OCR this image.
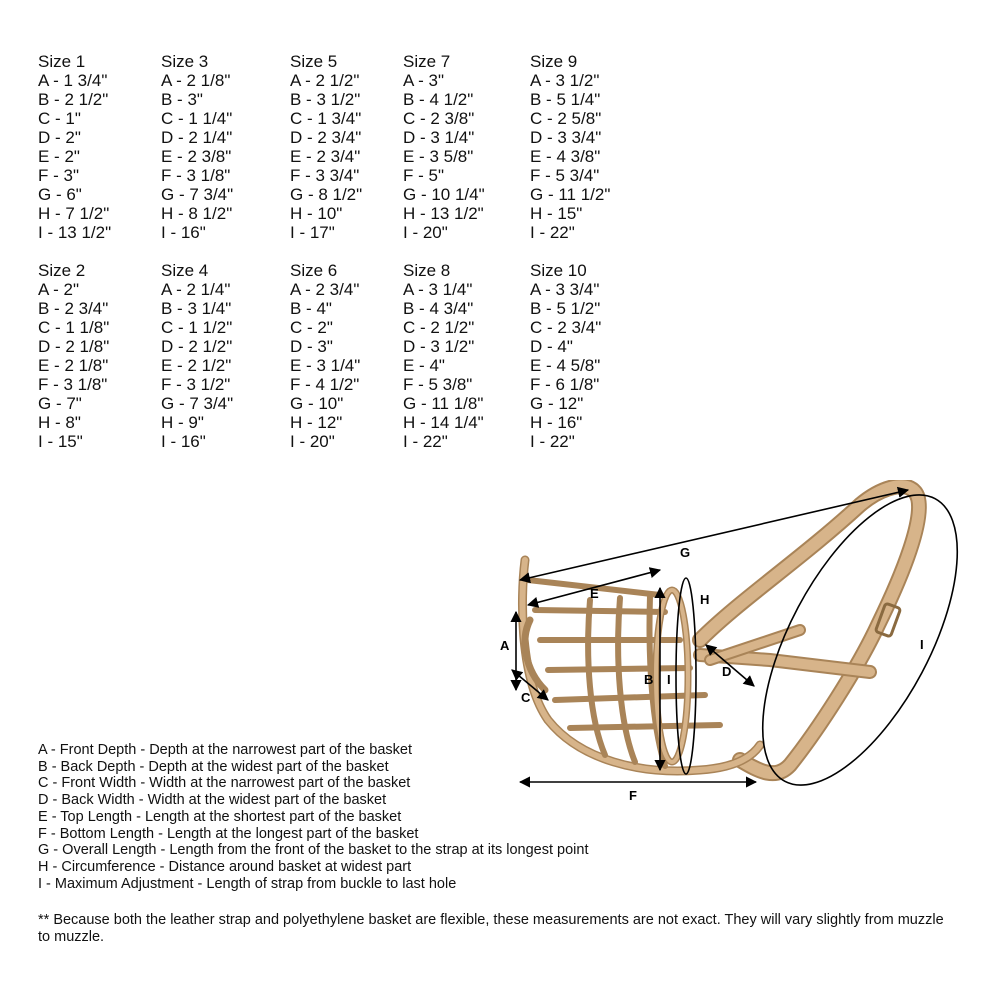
Size 1
A - 1 3/4"
B - 2 1/2"
C - 1"
D - 2"
E - 2"
F - 3"
G - 6"
H - 7 1/2"
I - 13 1/2"
Size 3
A - 2 1/8"
B - 3"
C - 1 1/4"
D - 2 1/4"
E - 2 3/8"
F - 3 1/8"
G - 7 3/4"
H - 8 1/2"
I - 16"
Size 5
A - 2 1/2"
B - 3 1/2"
C - 1 3/4"
D - 2 3/4"
E - 2 3/4"
F - 3 3/4"
G - 8 1/2"
H - 10"
I - 17"
Size 7
A - 3"
B - 4 1/2"
C - 2 3/8"
D - 3 1/4"
E - 3 5/8"
F - 5"
G - 10 1/4"
H - 13 1/2"
I - 20"
Size 9
A - 3 1/2"
B - 5 1/4"
C - 2 5/8"
D - 3 3/4"
E - 4 3/8"
F - 5 3/4"
G - 11 1/2"
H - 15"
I - 22"
Size 2
A - 2"
B - 2 3/4"
C - 1 1/8"
D - 2 1/8"
E - 2 1/8"
F - 3 1/8"
G - 7"
H - 8"
I - 15"
Size 4
A - 2 1/4"
B - 3 1/4"
C - 1 1/2"
D - 2 1/2"
E - 2 1/2"
F - 3 1/2"
G - 7 3/4"
H - 9"
I - 16"
Size 6
A - 2 3/4"
B - 4"
C - 2"
D - 3"
E - 3 1/4"
F - 4 1/2"
G - 10"
H - 12"
I - 20"
Size 8
A - 3 1/4"
B - 4 3/4"
C - 2 1/2"
D - 3 1/2"
E - 4"
F - 5 3/8"
G - 11 1/8"
H - 14 1/4"
I - 22"
Size 10
A - 3 3/4"
B - 5 1/2"
C - 2 3/4"
D - 4"
E - 4 5/8"
F - 6 1/8"
G - 12"
H - 16"
I - 22"
G
E	H
A
B I
D
C
F
I
A - Front Depth - Depth at the narrowest part of the basket
B - Back Depth - Depth at the widest part of the basket
C - Front Width - Width at the narrowest part of the basket
D - Back Width - Width at the widest part of the basket
E - Top Length - Length at the shortest part of the basket
F - Bottom Length - Length at the longest part of the basket
G - Overall Length - Length from the front of the basket to the strap at its longest point
H - Circumference - Distance around basket at widest part
I - Maximum Adjustment - Length of strap from buckle to last hole
** Because both the leather strap and polyethylene basket are flexible, these measurements are not exact. They will vary slightly from muzzle to muzzle.
